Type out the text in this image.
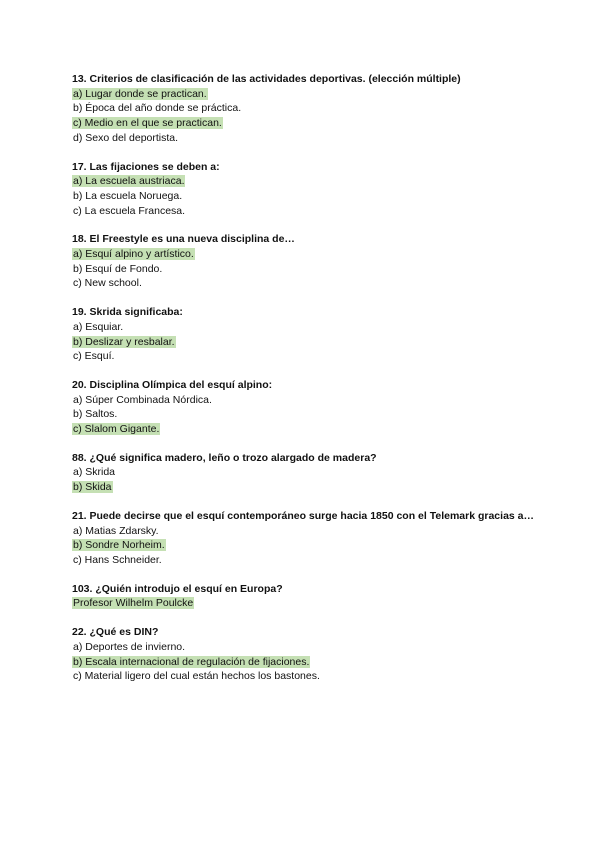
13. Criterios de clasificación de las actividades deportivas. (elección múltiple)

a) Lugar donde se practican.

b) Época del año donde se práctica.

c) Medio en el que se practican.

d) Sexo del deportista.

17. Las fijaciones se deben a:

a) La escuela austriaca.

b) La escuela Noruega.

c) La escuela Francesa.

18. El Freestyle es una nueva disciplina de…

a) Esquí alpino y artístico.

b) Esquí de Fondo.

c) New school.

19. Skrida significaba:

a) Esquiar.

b) Deslizar y resbalar.

c) Esquí.

20. Disciplina Olímpica del esquí alpino:

a) Súper Combinada Nórdica.

b) Saltos.

c) Slalom Gigante.

88. ¿Qué significa madero, leño o trozo alargado de madera?

a) Skrida

b) Skida

21. Puede decirse que el esquí contemporáneo surge hacia 1850 con el Telemark gracias a…

a) Matias Zdarsky.

b) Sondre Norheim.

c) Hans Schneider.

103. ¿Quién introdujo el esquí en Europa?

Profesor Wilhelm Poulcke

22. ¿Qué es DIN?

a) Deportes de invierno.

b) Escala internacional de regulación de fijaciones.

c) Material ligero del cual están hechos los bastones.
